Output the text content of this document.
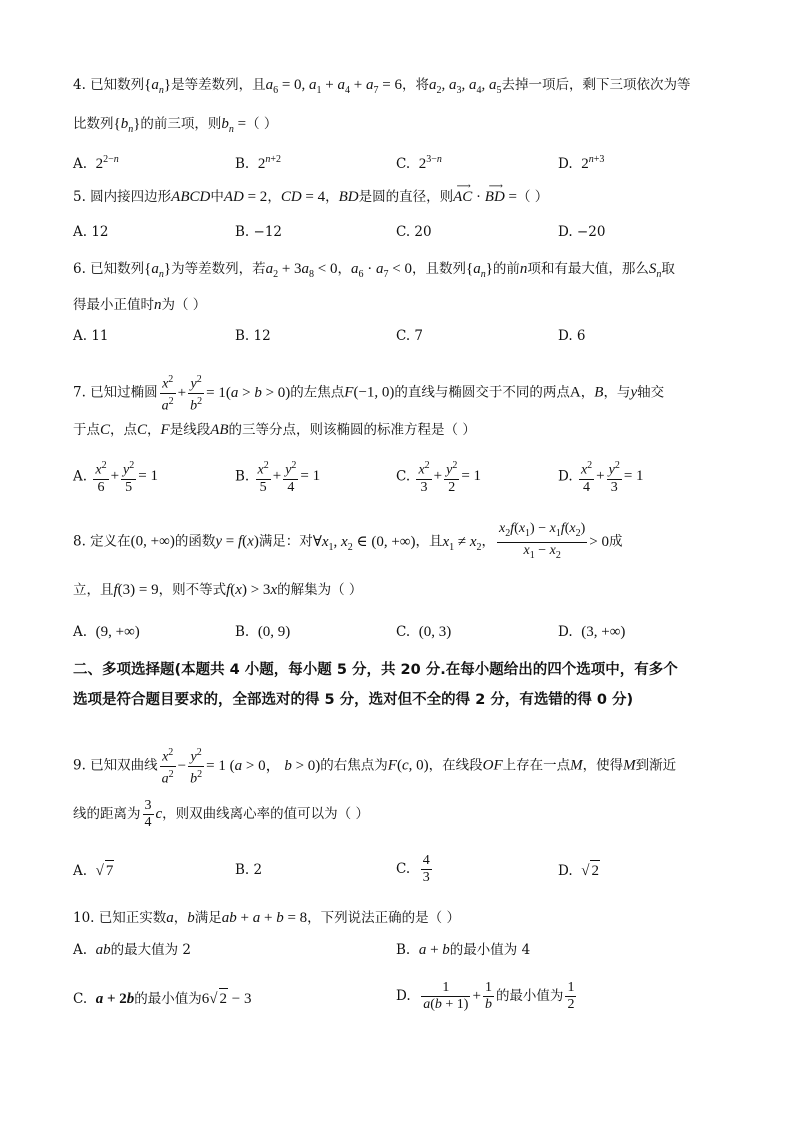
4. 已知数列$\{a_n\}$是等差数列，且$a_6 = 0$, $a_1 + a_4 + a_7 = 6$，将$a_2$, $a_3$, $a_4$, $a_5$去掉一项后，剩下三项依次为等
比数列$\{b_n\}$的前三项，则$b_n$ =（ ）
A. $2^{2-n}$	B. $2^{n+2}$	C. $2^{3-n}$	D. $2^{n+3}$
5. 圆内接四边形ABCD中AD = 2，CD = 4，BD是圆的直径，则⟶ AC · ⟶ BD =（ ）
A. 12	B. −12	C. 20	D. −20
6. 已知数列$\{a_n\}$为等差数列，若$a_2 + 3a_8 < 0$，$a_6 \cdot a_7 < 0$，且数列$\{a_n\}$的前n项和有最大值，那么$S_n$取
得最小正值时n为（ ）
A. 11	B. 12	C. 7	D. 6
7. 已知过椭圆 $\frac{x^2}{a^2} + \frac{y^2}{b^2} = 1(a > b > 0)$的左焦点F(−1, 0)的直线与椭圆交于不同的两点A，B，与y轴交
于点C，点C，F是线段AB的三等分点，则该椭圆的标准方程是（ ）
A. $\frac{x^2}{6} + \frac{y^2}{5} = 1$	B. $\frac{x^2}{5} + \frac{y^2}{4} = 1$	C. $\frac{x^2}{3} + \frac{y^2}{2} = 1$	D. $\frac{x^2}{4} + \frac{y^2}{3} = 1$
8. 定义在(0, +∞)的函数y = f(x)满足：对$\forall x_1$, $x_2$ ∈ (0, +∞)，且$x_1 \ne x_2$， $\frac{x_2f(x_1) - x_1f(x_2)}{x_1 - x_2} > 0$成
立，且f(3) = 9，则不等式f(x) > 3x的解集为（ ）
A. (9, +∞)	B. (0, 9)	C. (0, 3)	D. (3, +∞)
二、多项选择题(本题共 4 小题，每小题 5 分，共 20 分.在每小题给出的四个选项中，有多个
选项是符合题目要求的，全部选对的得 5 分，选对但不全的得 2 分，有选错的得 0 分)
9. 已知双曲线 $\frac{x^2}{a^2} - \frac{y^2}{b^2} = 1$ (a > 0， b > 0)的右焦点为F(c, 0)，在线段OF上存在一点M，使得M到渐近
线的距离为 $\frac{3}{4}$ c，则双曲线离心率的值可以为（ ）
A. √ 7	B. 2	C. $\frac{4}{3}$	D. √ 2
10. 已知正实数a，b满足ab + a + b = 8，下列说法正确的是（ ）
A. ab的最大值为 2	B. a + b的最小值为 4
C. a + 2b的最小值为6√ 2 − 3	D. $\frac{1}{a(b + 1)} + \frac{1}{b}$ 的最小值为 $\frac{1}{2}$
